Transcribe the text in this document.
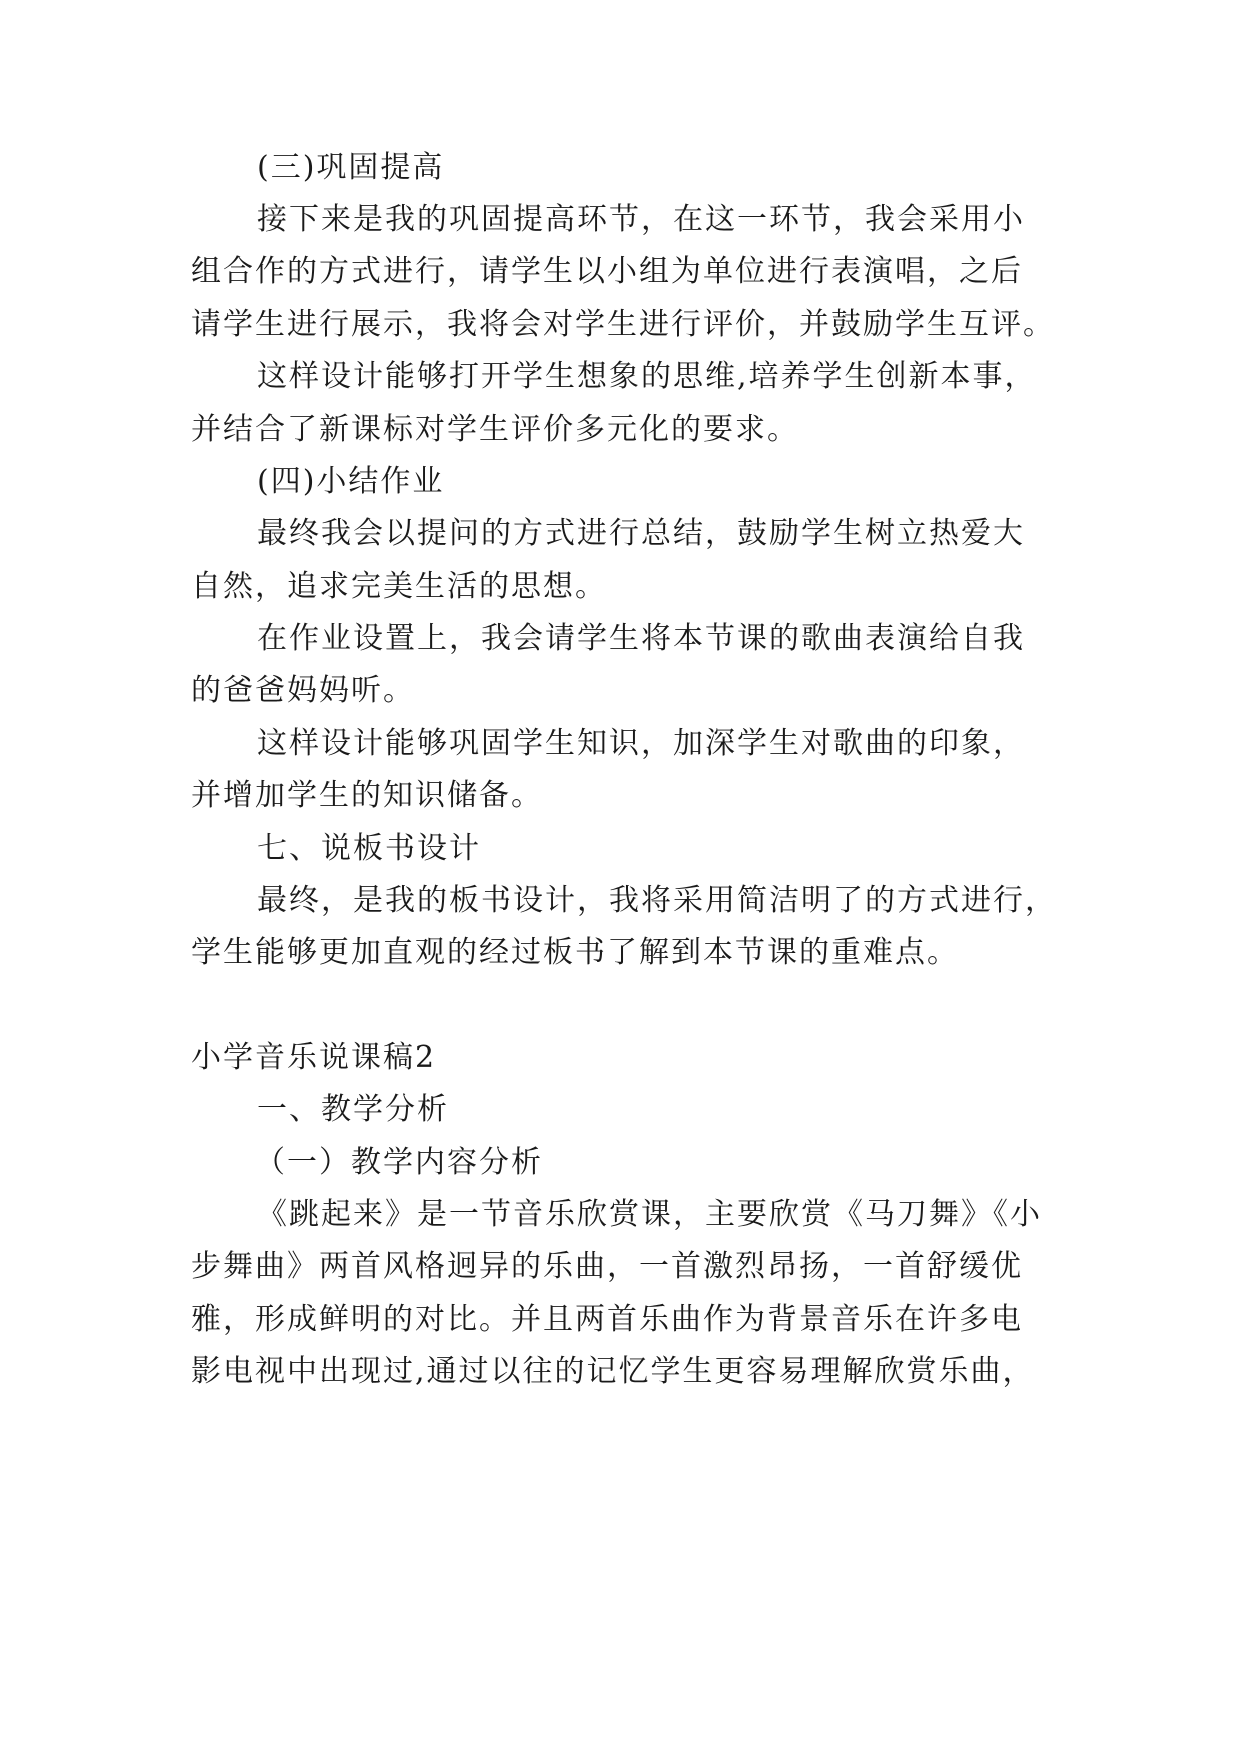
(三)巩固提高
接下来是我的巩固提高环节，在这一环节，我会采用小
组合作的方式进行，请学生以小组为单位进行表演唱，之后
请学生进行展示，我将会对学生进行评价，并鼓励学生互评。
这样设计能够打开学生想象的思维,培养学生创新本事，
并结合了新课标对学生评价多元化的要求。
(四)小结作业
最终我会以提问的方式进行总结，鼓励学生树立热爱大
自然，追求完美生活的思想。
在作业设置上，我会请学生将本节课的歌曲表演给自我
的爸爸妈妈听。
这样设计能够巩固学生知识，加深学生对歌曲的印象，
并增加学生的知识储备。
七、说板书设计
最终，是我的板书设计，我将采用简洁明了的方式进行，
学生能够更加直观的经过板书了解到本节课的重难点。
小学音乐说课稿2
一、教学分析
（一）教学内容分析
《跳起来》是一节音乐欣赏课，主要欣赏《马刀舞》《小
步舞曲》两首风格迥异的乐曲，一首激烈昂扬，一首舒缓优
雅，形成鲜明的对比。并且两首乐曲作为背景音乐在许多电
影电视中出现过,通过以往的记忆学生更容易理解欣赏乐曲，
